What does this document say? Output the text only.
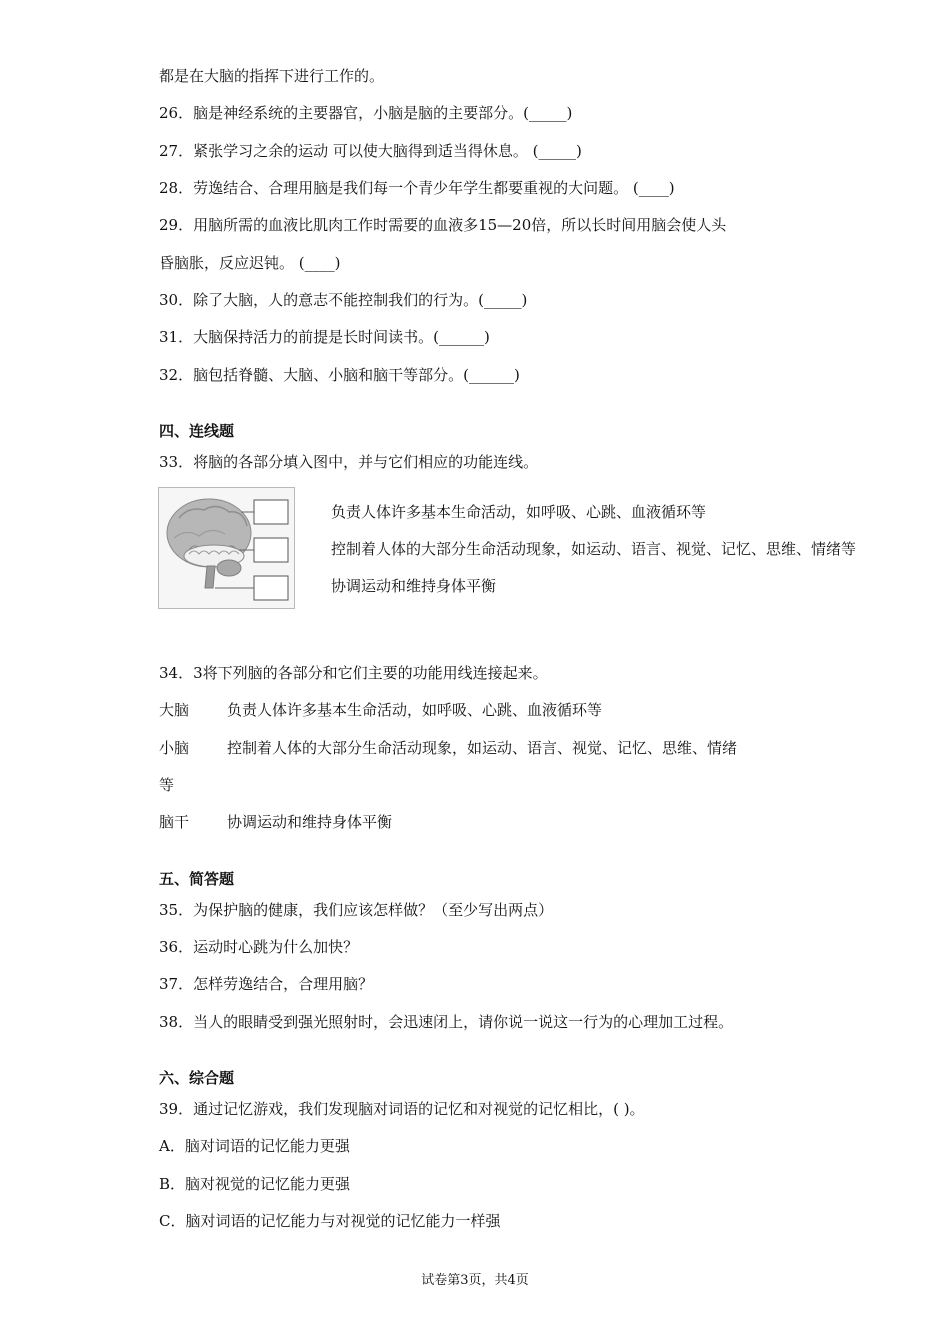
都是在大脑的指挥下进行工作的。
26．脑是神经系统的主要器官，小脑是脑的主要部分。(_____)
27．紧张学习之余的运动 可以使大脑得到适当得休息。 (_____)
28．劳逸结合、合理用脑是我们每一个青少年学生都要重视的大问题。 (____)
29．用脑所需的血液比肌肉工作时需要的血液多15—20倍，所以长时间用脑会使人头
昏脑胀，反应迟钝。 (____)
30．除了大脑，人的意志不能控制我们的行为。(_____)
31．大脑保持活力的前提是长时间读书。(______)
32．脑包括脊髓、大脑、小脑和脑干等部分。(______)
四、连线题
33．将脑的各部分填入图中，并与它们相应的功能连线。
负责人体许多基本生命活动，如呼吸、心跳、血液循环等
控制着人体的大部分生命活动现象，如运动、语言、视觉、记忆、思维、情绪等
协调运动和维持身体平衡
34．3将下列脑的各部分和它们主要的功能用线连接起来。
大脑	负责人体许多基本生命活动，如呼吸、心跳、血液循环等
小脑	控制着人体的大部分生命活动现象，如运动、语言、视觉、记忆、思维、情绪
等
脑干	协调运动和维持身体平衡
五、简答题
35．为保护脑的健康，我们应该怎样做？（至少写出两点）
36．运动时心跳为什么加快？
37．怎样劳逸结合，合理用脑？
38．当人的眼睛受到强光照射时，会迅速闭上，请你说一说这一行为的心理加工过程。
六、综合题
39．通过记忆游戏，我们发现脑对词语的记忆和对视觉的记忆相比，( )。
A．脑对词语的记忆能力更强
B．脑对视觉的记忆能力更强
C．脑对词语的记忆能力与对视觉的记忆能力一样强
试卷第3页，共4页
